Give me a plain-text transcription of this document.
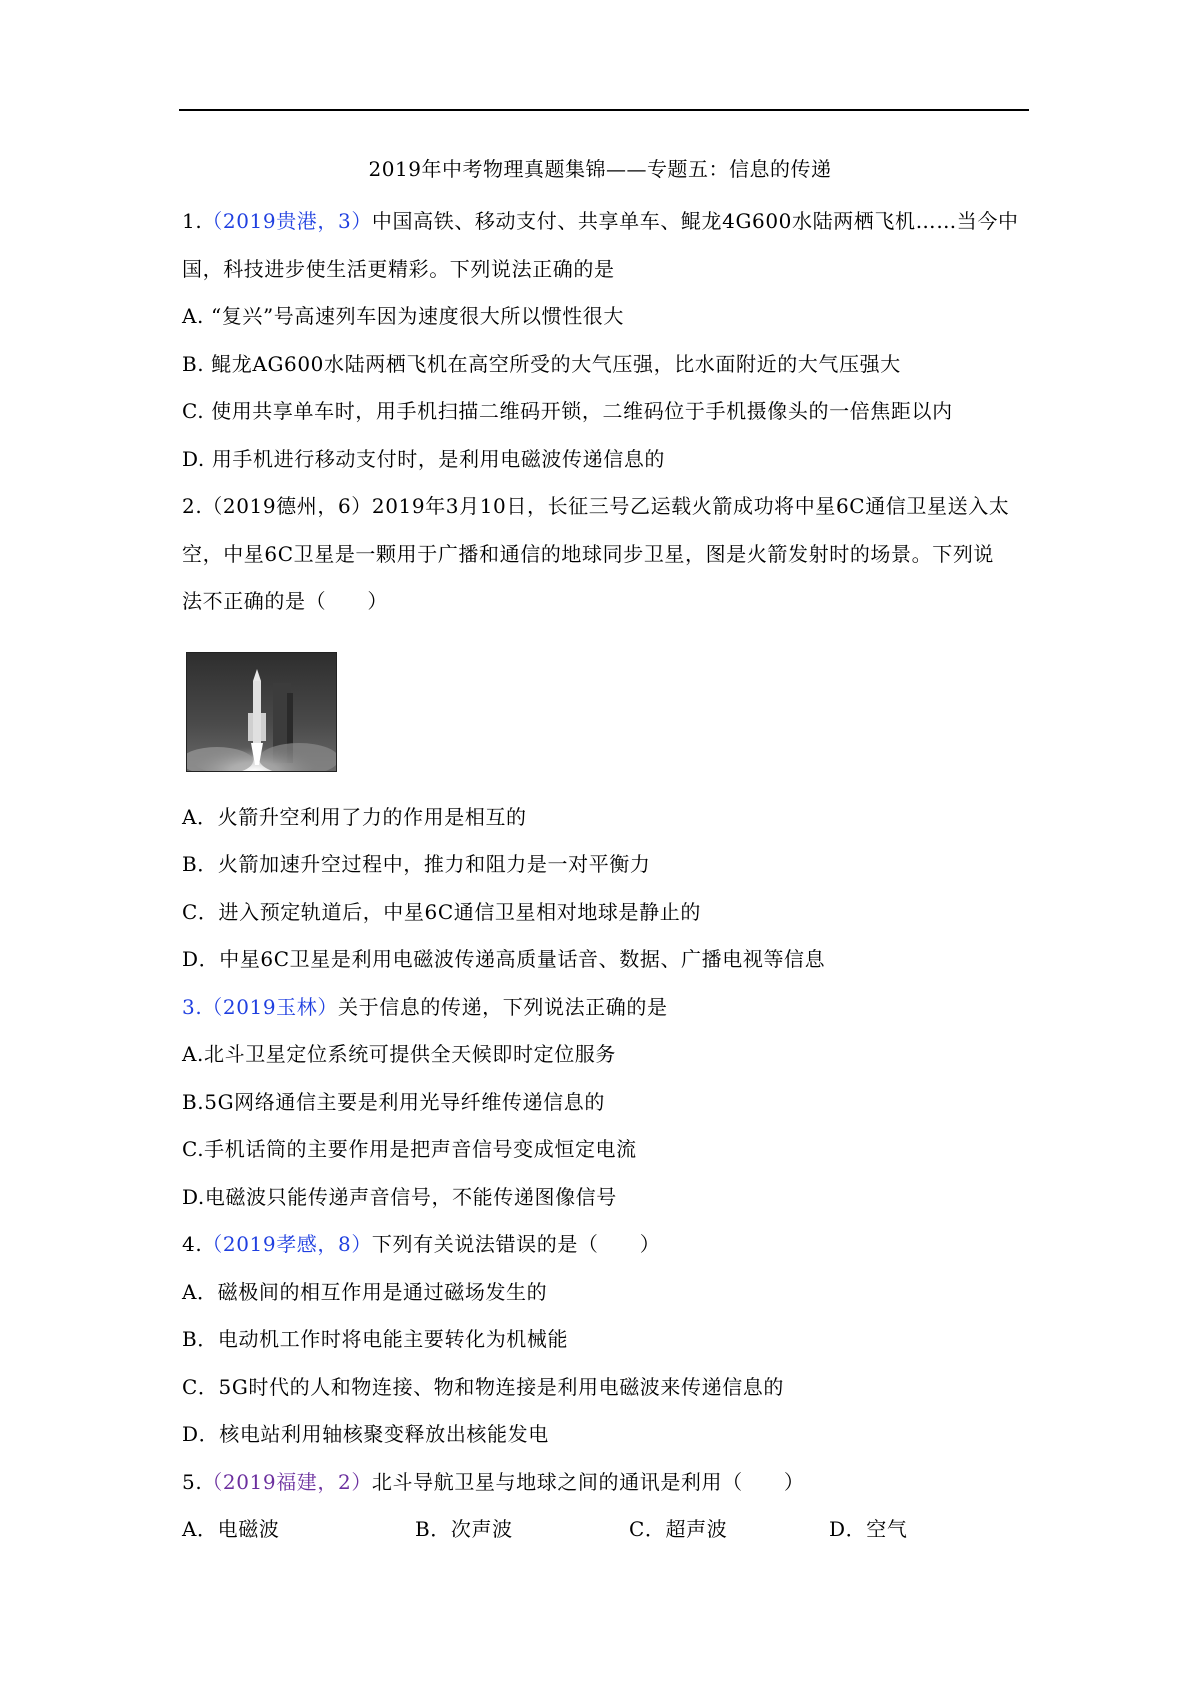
2019年中考物理真题集锦——专题五：信息的传递
1.（2019贵港，3）中国高铁、移动支付、共享单车、鲲龙4G600水陆两栖飞机……当今中
国，科技进步使生活更精彩。下列说法正确的是
A. “复兴”号高速列车因为速度很大所以惯性很大
B. 鲲龙AG600水陆两栖飞机在高空所受的大气压强，比水面附近的大气压强大
C. 使用共享单车时，用手机扫描二维码开锁，二维码位于手机摄像头的一倍焦距以内
D. 用手机进行移动支付时，是利用电磁波传递信息的
2.（2019德州，6）2019年3月10日，长征三号乙运载火箭成功将中星6C通信卫星送入太
空，中星6C卫星是一颗用于广播和通信的地球同步卫星，图是火箭发射时的场景。下列说
法不正确的是（　　）
A．火箭升空利用了力的作用是相互的
B．火箭加速升空过程中，推力和阻力是一对平衡力
C．进入预定轨道后，中星6C通信卫星相对地球是静止的
D．中星6C卫星是利用电磁波传递高质量话音、数据、广播电视等信息
3.（2019玉林）关于信息的传递，下列说法正确的是
A.北斗卫星定位系统可提供全天候即时定位服务
B.5G网络通信主要是利用光导纤维传递信息的
C.手机话筒的主要作用是把声音信号变成恒定电流
D.电磁波只能传递声音信号，不能传递图像信号
4.（2019孝感，8）下列有关说法错误的是（　　）
A．磁极间的相互作用是通过磁场发生的
B．电动机工作时将电能主要转化为机械能
C．5G时代的人和物连接、物和物连接是利用电磁波来传递信息的
D．核电站利用轴核聚变释放出核能发电
5.（2019福建，2）北斗导航卫星与地球之间的通讯是利用（　　）
A．电磁波	B．次声波	C．超声波	D．空气
